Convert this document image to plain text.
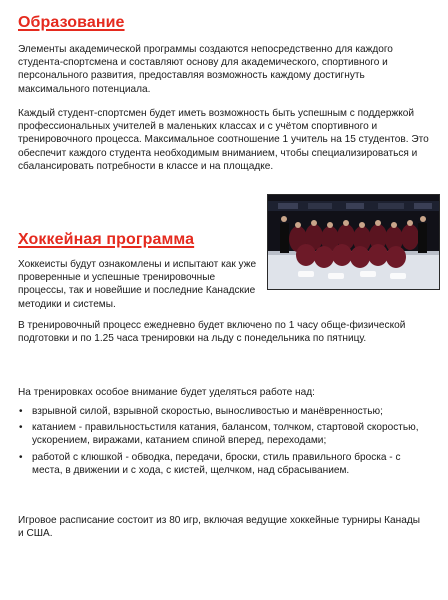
Образование

Элементы академической программы создаются непосредственно для каждого студента-спортсмена и составляют основу для академического, спортивного и персонального развития, предоставляя возможность каждому достигнуть максимального потенциала.

Каждый студент-спортсмен будет иметь возможность быть успешным с поддержкой профессиональных учителей в маленьких классах и с учётом спортивного и тренировочного процесса. Максимальное соотношение 1 учитель на 15 студентов. Это обеспечит каждого студента необходимым вниманием, чтобы специализироваться и сбалансировать потребности в классе и на площадке.

Хоккейная программа

Хоккеисты будут ознакомлены и испытают как уже проверенные и успешные тренировочные процессы, так и новейшие и последние Канадские методики и системы.

В тренировочный процесс ежедневно будет включено по 1 часу обще-физической подготовки и по 1.25 часа тренировки на льду с понедельника по пятницу.

На тренировках особое внимание будет уделяться работе над:

• взрывной силой, взрывной скоростью, выносливостью и манёвренностью;
• катанием - правильностьстиля катания, балансом, толчком, стартовой скоростью, ускорением, виражами, катанием спиной вперед, переходами;
• работой с клюшкой - обводка, передачи, броски, стиль правильного броска - с места, в движении и с хода, с кистей, щелчком, над сбрасыванием.

Игровое расписание состоит из 80 игр, включая ведущие хоккейные турниры Канады и США.
